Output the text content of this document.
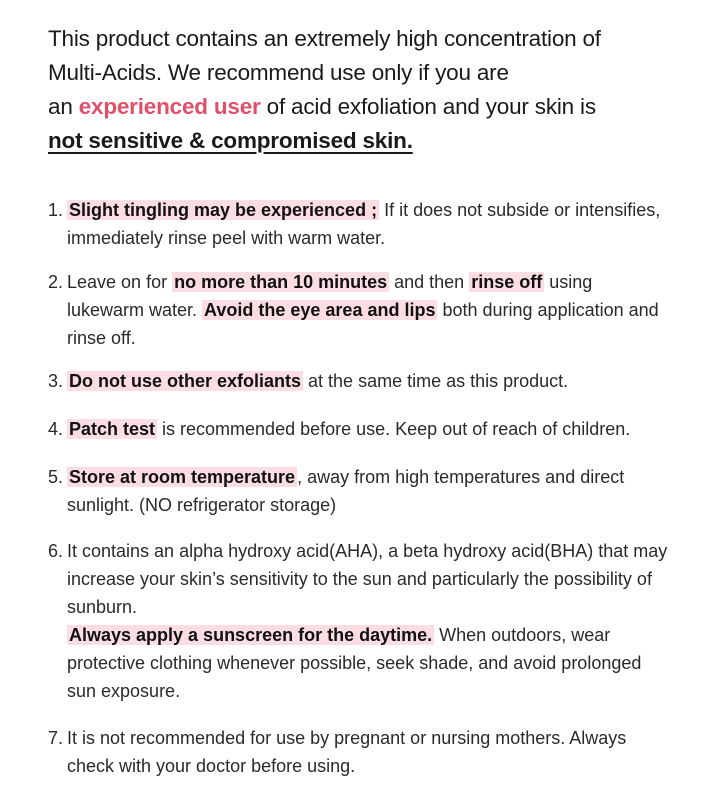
This product contains an extremely high concentration of
Multi-Acids. We recommend use only if you are
an experienced user of acid exfoliation and your skin is
not sensitive & compromised skin.

1. Slight tingling may be experienced ; If it does not subside or intensifies, immediately rinse peel with warm water.
2. Leave on for no more than 10 minutes and then rinse off using lukewarm water. Avoid the eye area and lips both during application and rinse off.
3. Do not use other exfoliants at the same time as this product.
4. Patch test is recommended before use. Keep out of reach of children.
5. Store at room temperature , away from high temperatures and direct sunlight. (NO refrigerator storage)
6. It contains an alpha hydroxy acid(AHA), a beta hydroxy acid(BHA) that may increase your skin’s sensitivity to the sun and particularly the possibility of sunburn.
Always apply a sunscreen for the daytime. When outdoors, wear protective clothing whenever possible, seek shade, and avoid prolonged sun exposure.
7. It is not recommended for use by pregnant or nursing mothers. Always check with your doctor before using.
